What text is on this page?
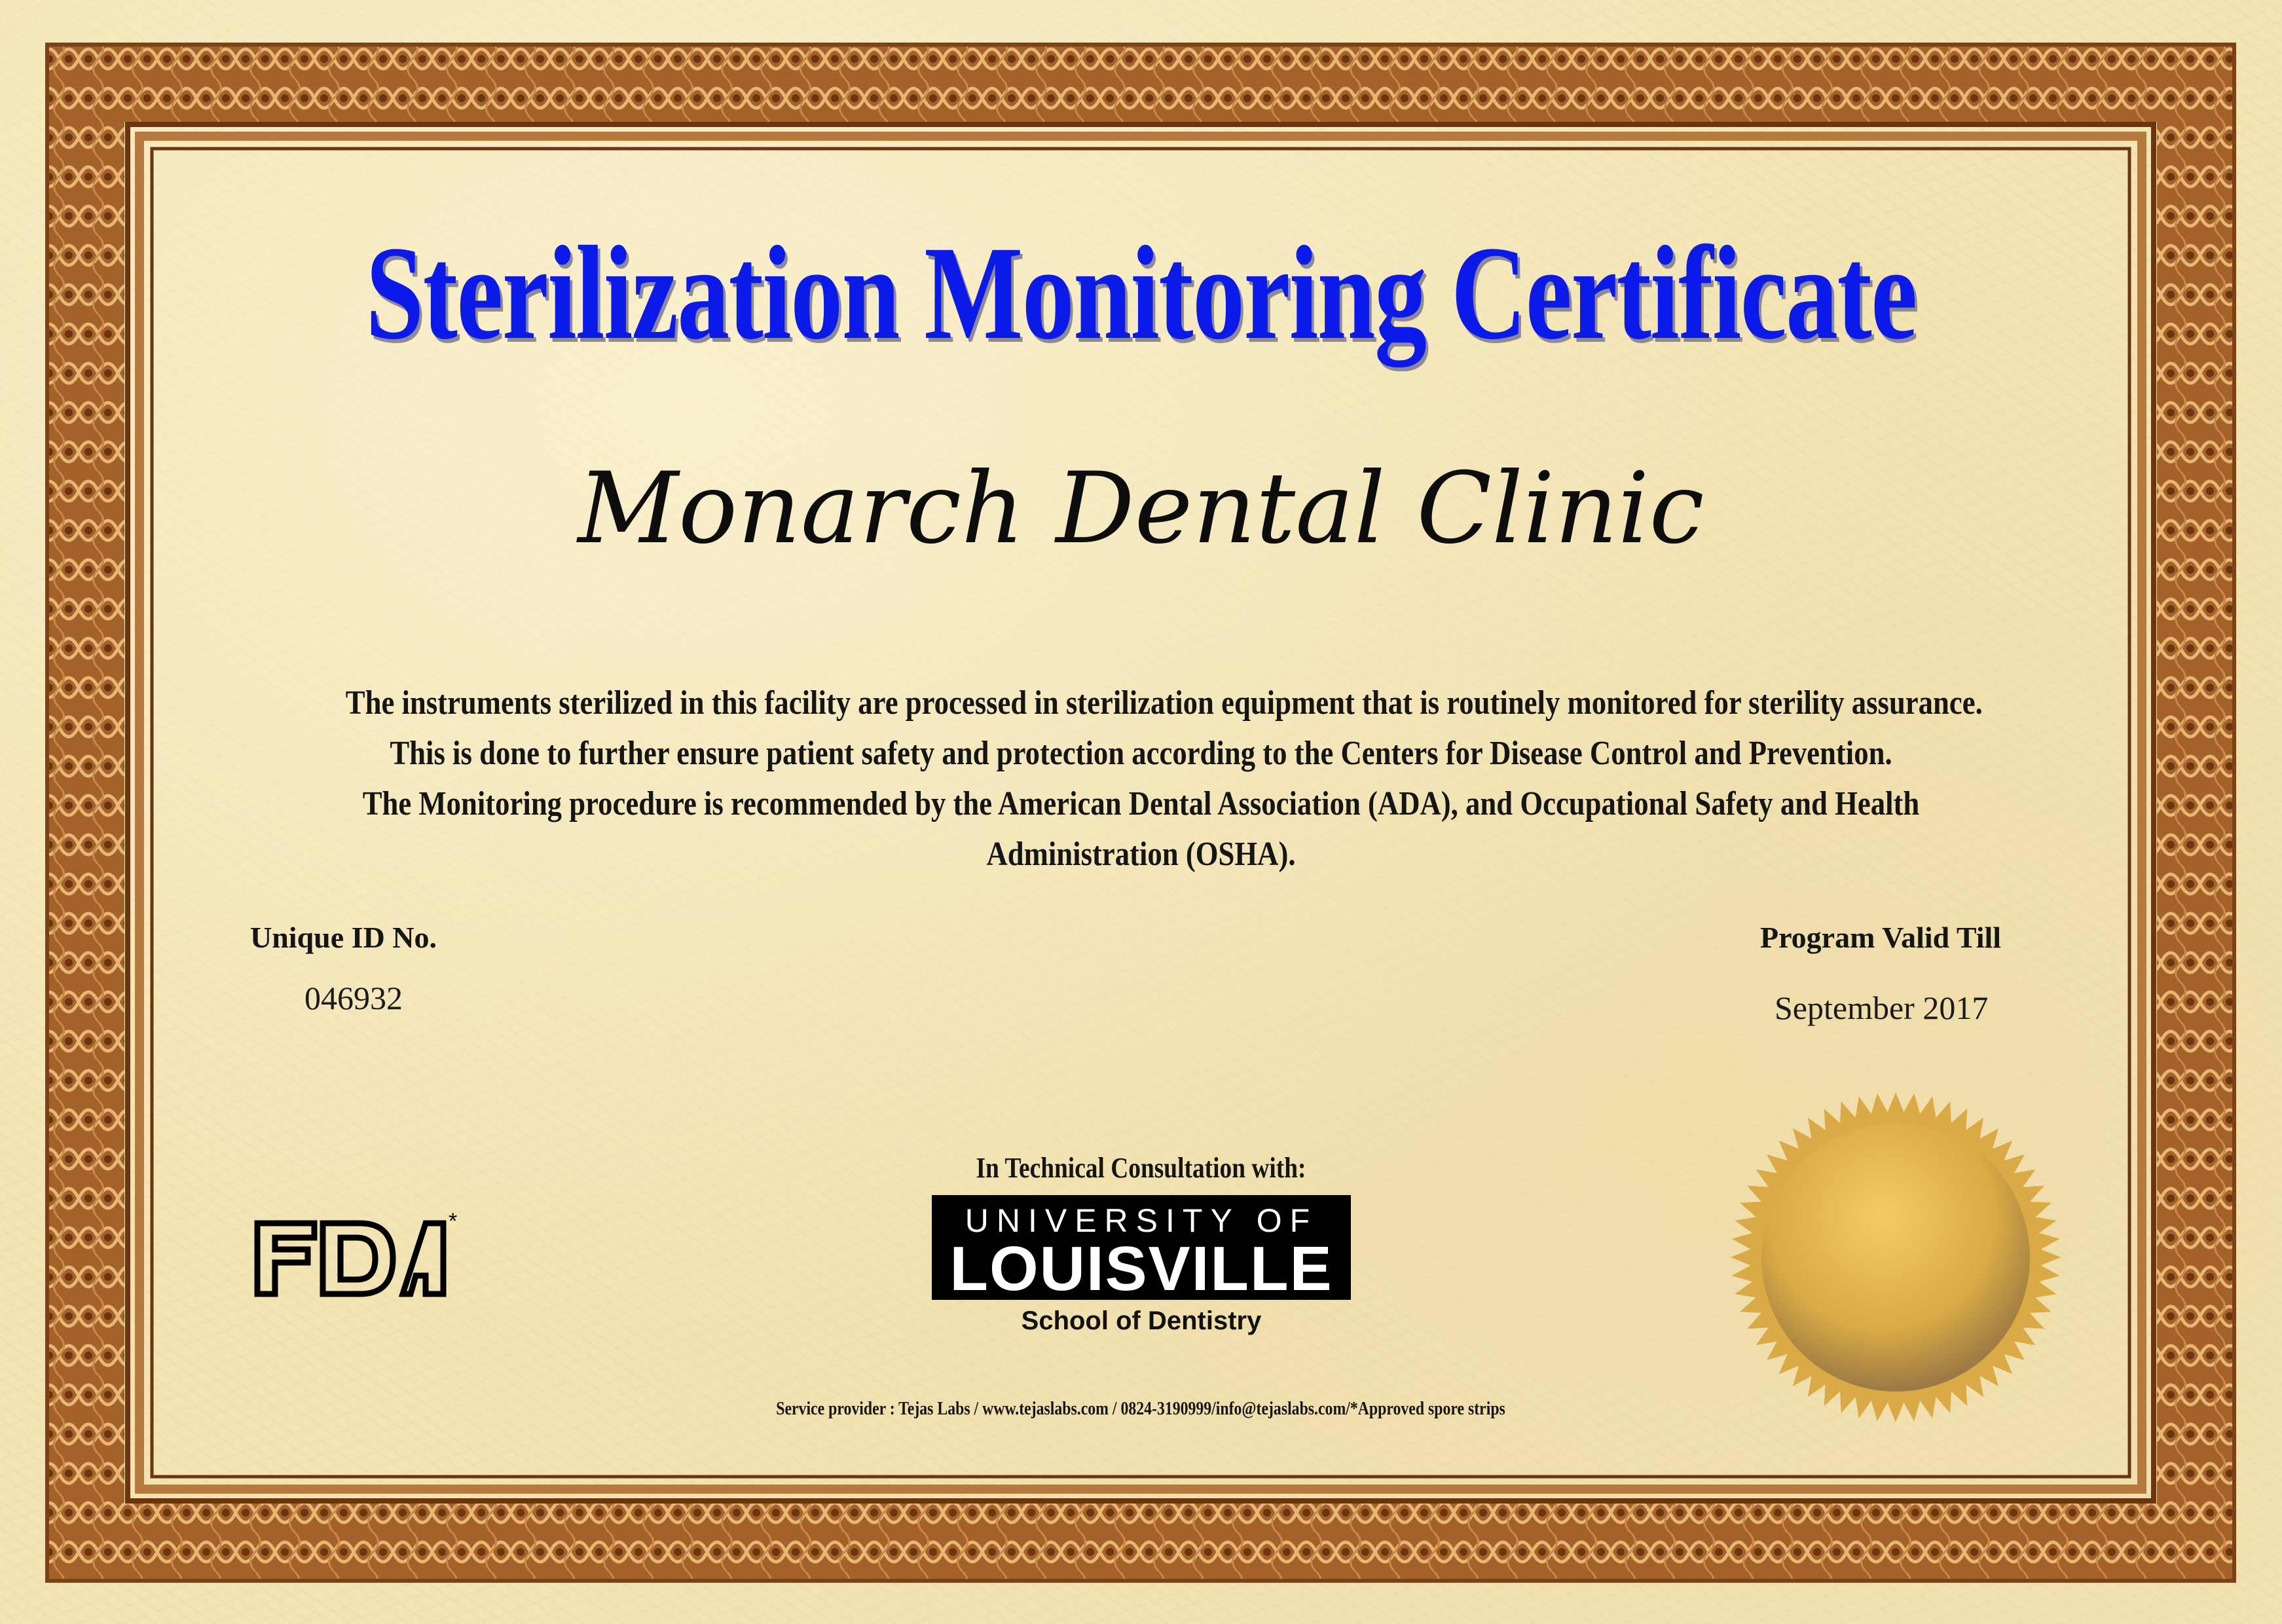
Sterilization Monitoring Certificate
Monarch Dental Clinic
The instruments sterilized in this facility are processed in sterilization equipment that is routinely monitored for sterility assurance.
This is done to further ensure patient safety and protection according to the Centers for Disease Control and Prevention.
The Monitoring procedure is recommended by the American Dental Association (ADA), and Occupational Safety and Health
Administration (OSHA).
Unique ID No.
046932
Program Valid Till
September 2017
In Technical Consultation with:
UNIVERSITY OF
LOUISVILLE
School of Dentistry
*
Service provider : Tejas Labs / www.tejaslabs.com / 0824-3190999/info@tejaslabs.com/*Approved spore strips
